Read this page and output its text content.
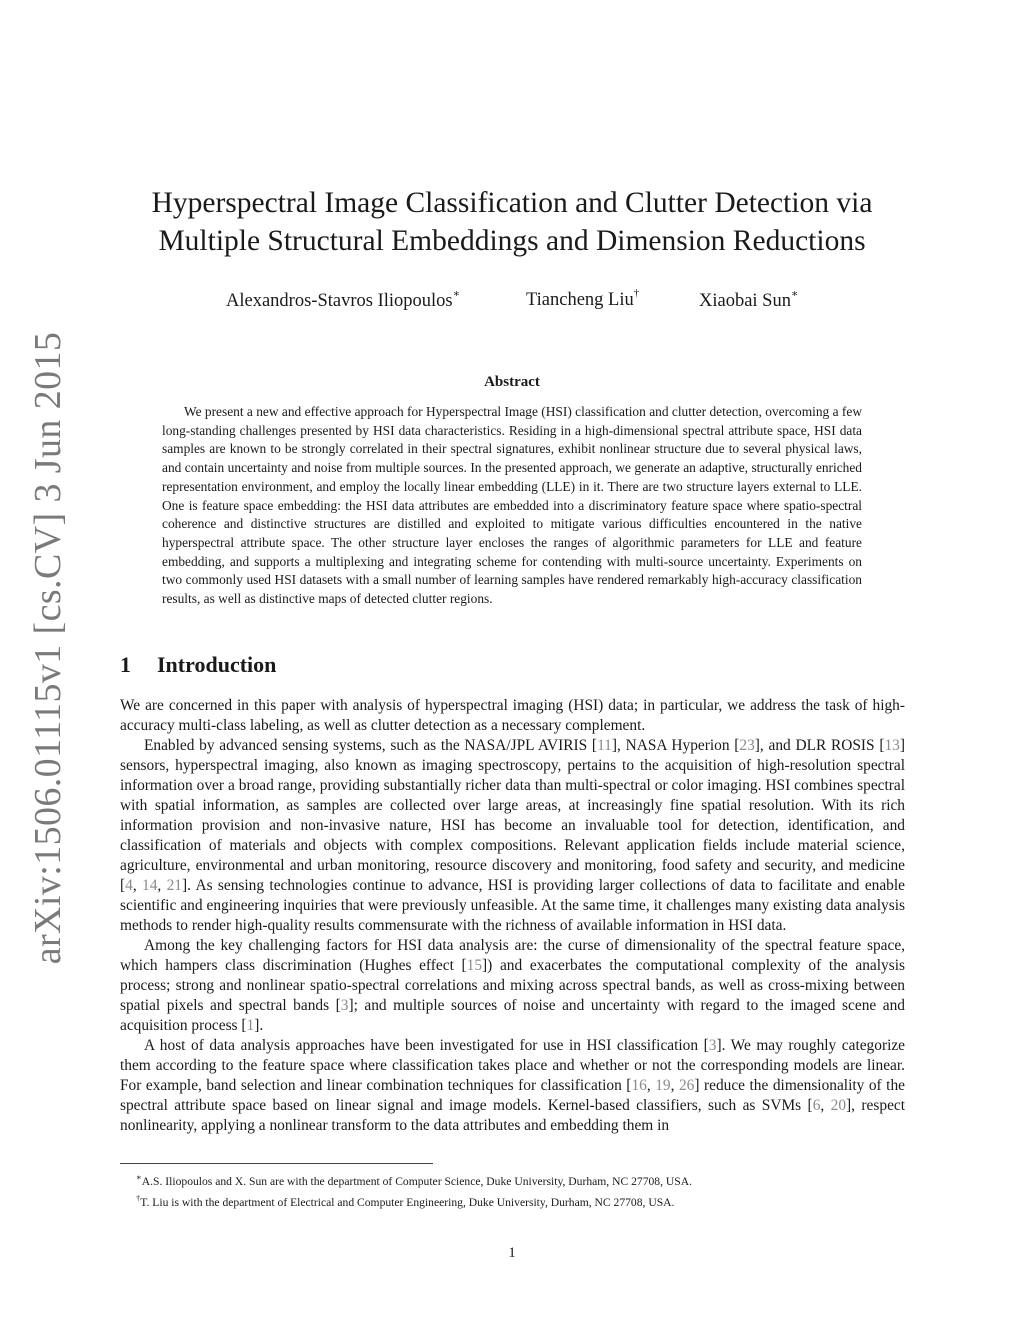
arXiv:1506.01115v1 [cs.CV] 3 Jun 2015
Hyperspectral Image Classification and Clutter Detection via
Multiple Structural Embeddings and Dimension Reductions
Alexandros-Stavros Iliopoulos∗	Tiancheng Liu†	Xiaobai Sun∗
Abstract
We present a new and effective approach for Hyperspectral Image (HSI) classification and clutter detection, overcoming a few long-standing challenges presented by HSI data characteristics. Residing in a high-dimensional spectral attribute space, HSI data samples are known to be strongly correlated in their spectral signatures, exhibit nonlinear structure due to several physical laws, and contain uncertainty and noise from multiple sources. In the presented approach, we generate an adaptive, structurally enriched representation environment, and employ the locally linear embedding (LLE) in it. There are two structure layers external to LLE. One is feature space embedding: the HSI data attributes are embedded into a discriminatory feature space where spatio-spectral coherence and distinctive structures are distilled and exploited to mitigate various difficulties encountered in the native hyperspectral attribute space. The other structure layer encloses the ranges of algorithmic parameters for LLE and feature embedding, and supports a multiplexing and integrating scheme for contending with multi-source uncertainty. Experiments on two commonly used HSI datasets with a small number of learning samples have rendered remarkably high-accuracy classification results, as well as distinctive maps of detected clutter regions.
1 Introduction

We are concerned in this paper with analysis of hyperspectral imaging (HSI) data; in particular, we address the task of high-accuracy multi-class labeling, as well as clutter detection as a necessary complement.

Enabled by advanced sensing systems, such as the NASA/JPL AVIRIS [11], NASA Hyperion [23], and DLR ROSIS [13] sensors, hyperspectral imaging, also known as imaging spectroscopy, pertains to the acquisition of high-resolution spectral information over a broad range, providing substantially richer data than multi-spectral or color imaging. HSI combines spectral with spatial information, as samples are collected over large areas, at increasingly fine spatial resolution. With its rich information provision and non-invasive nature, HSI has become an invaluable tool for detection, identification, and classification of materials and objects with complex compositions. Relevant application fields include material science, agriculture, environmental and urban monitoring, resource discovery and monitoring, food safety and security, and medicine [4, 14, 21]. As sensing technologies continue to advance, HSI is providing larger collections of data to facilitate and enable scientific and engineering inquiries that were previously unfeasible. At the same time, it challenges many existing data analysis methods to render high-quality results commensurate with the richness of available information in HSI data.

Among the key challenging factors for HSI data analysis are: the curse of dimensionality of the spectral feature space, which hampers class discrimination (Hughes effect [15]) and exacerbates the computational complexity of the analysis process; strong and nonlinear spatio-spectral correlations and mixing across spectral bands, as well as cross-mixing between spatial pixels and spectral bands [3]; and multiple sources of noise and uncertainty with regard to the imaged scene and acquisition process [1].

A host of data analysis approaches have been investigated for use in HSI classification [3]. We may roughly categorize them according to the feature space where classification takes place and whether or not the corresponding models are linear. For example, band selection and linear combination techniques for classification [16, 19, 26] reduce the dimensionality of the spectral attribute space based on linear signal and image models. Kernel-based classifiers, such as SVMs [6, 20], respect nonlinearity, applying a nonlinear transform to the data attributes and embedding them in

∗A.S. Iliopoulos and X. Sun are with the department of Computer Science, Duke University, Durham, NC 27708, USA.
†T. Liu is with the department of Electrical and Computer Engineering, Duke University, Durham, NC 27708, USA.
1
